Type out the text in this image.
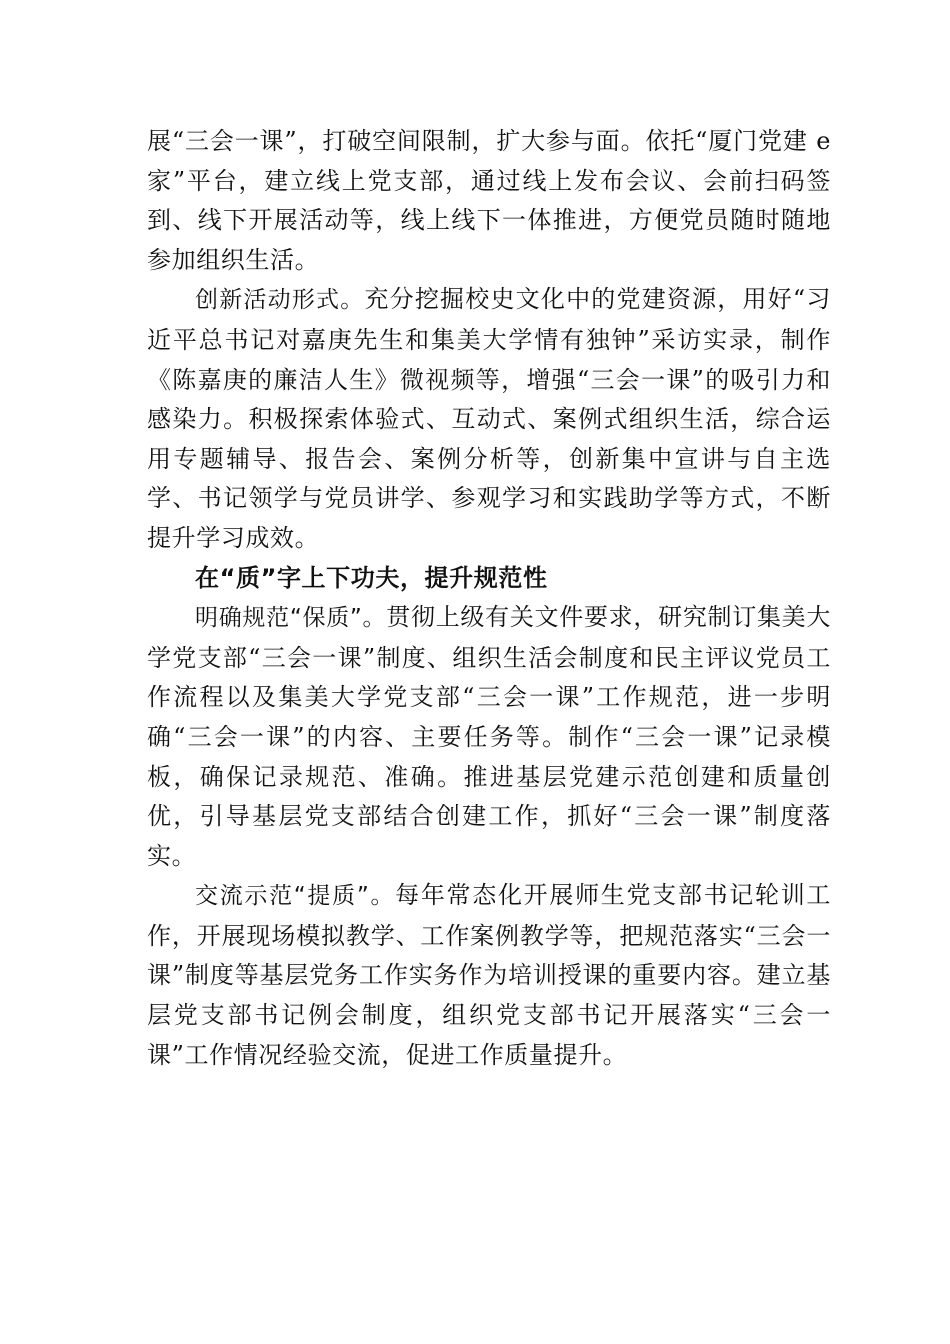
展“三会一课”，打破空间限制，扩大参与面。依托“厦门党建 e 家”平台，建立线上党支部，通过线上发布会议、会前扫码签到、线下开展活动等，线上线下一体推进，方便党员随时随地参加组织生活。

创新活动形式。充分挖掘校史文化中的党建资源，用好“习近平总书记对嘉庚先生和集美大学情有独钟”采访实录，制作《陈嘉庚的廉洁人生》微视频等，增强“三会一课”的吸引力和感染力。积极探索体验式、互动式、案例式组织生活，综合运用专题辅导、报告会、案例分析等，创新集中宣讲与自主选学、书记领学与党员讲学、参观学习和实践助学等方式，不断提升学习成效。

在“质”字上下功夫，提升规范性

明确规范“保质”。贯彻上级有关文件要求，研究制订集美大学党支部“三会一课”制度、组织生活会制度和民主评议党员工作流程以及集美大学党支部“三会一课”工作规范，进一步明确“三会一课”的内容、主要任务等。制作“三会一课”记录模板，确保记录规范、准确。推进基层党建示范创建和质量创优，引导基层党支部结合创建工作，抓好“三会一课”制度落实。

交流示范“提质”。每年常态化开展师生党支部书记轮训工作，开展现场模拟教学、工作案例教学等，把规范落实“三会一课”制度等基层党务工作实务作为培训授课的重要内容。建立基层党支部书记例会制度，组织党支部书记开展落实“三会一课”工作情况经验交流，促进工作质量提升。
